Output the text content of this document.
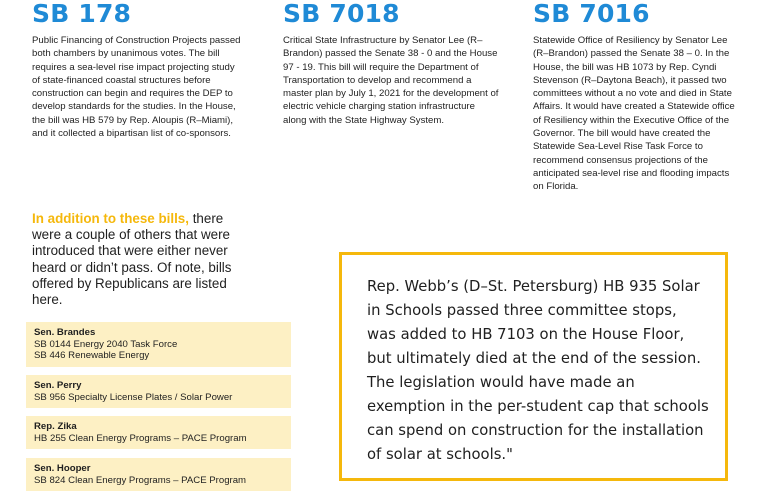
SB 178

Public Financing of Construction Projects passed both chambers by unanimous votes. The bill requires a sea-level rise impact projecting study of state-financed coastal structures before construction can begin and requires the DEP to develop standards for the studies. In the House, the bill was HB 579 by Rep. Aloupis (R–Miami), and it collected a bipartisan list of co-sponsors.

SB 7018

Critical State Infrastructure by Senator Lee (R–Brandon) passed the Senate 38 - 0 and the House 97 - 19. This bill will require the Department of Transportation to develop and recommend a master plan by July 1, 2021 for the development of electric vehicle charging station infrastructure along with the State Highway System.

SB 7016

Statewide Office of Resiliency by Senator Lee (R–Brandon) passed the Senate 38 – 0. In the House, the bill was HB 1073 by Rep. Cyndi Stevenson (R–Daytona Beach), it passed two committees without a no vote and died in State Affairs. It would have created a Statewide office of Resiliency within the Executive Office of the Governor. The bill would have created the Statewide Sea-Level Rise Task Force to recommend consensus projections of the anticipated sea-level rise and flooding impacts on Florida.

In addition to these bills, there were a couple of others that were introduced that were either never heard or didn’t pass. Of note, bills offered by Republicans are listed here.
Sen. Brandes
SB 0144 Energy 2040 Task Force
SB 446 Renewable Energy
Sen. Perry
SB 956 Specialty License Plates / Solar Power
Rep. Zika
HB 255 Clean Energy Programs – PACE Program
Sen. Hooper
SB 824 Clean Energy Programs – PACE Program

Rep. Webb’s (D–St. Petersburg) HB 935 Solar in Schools passed three committee stops, was added to HB 7103 on the House Floor, but ultimately died at the end of the session. The legislation would have made an exemption in the per-student cap that schools can spend on construction for the installation of solar at schools."
